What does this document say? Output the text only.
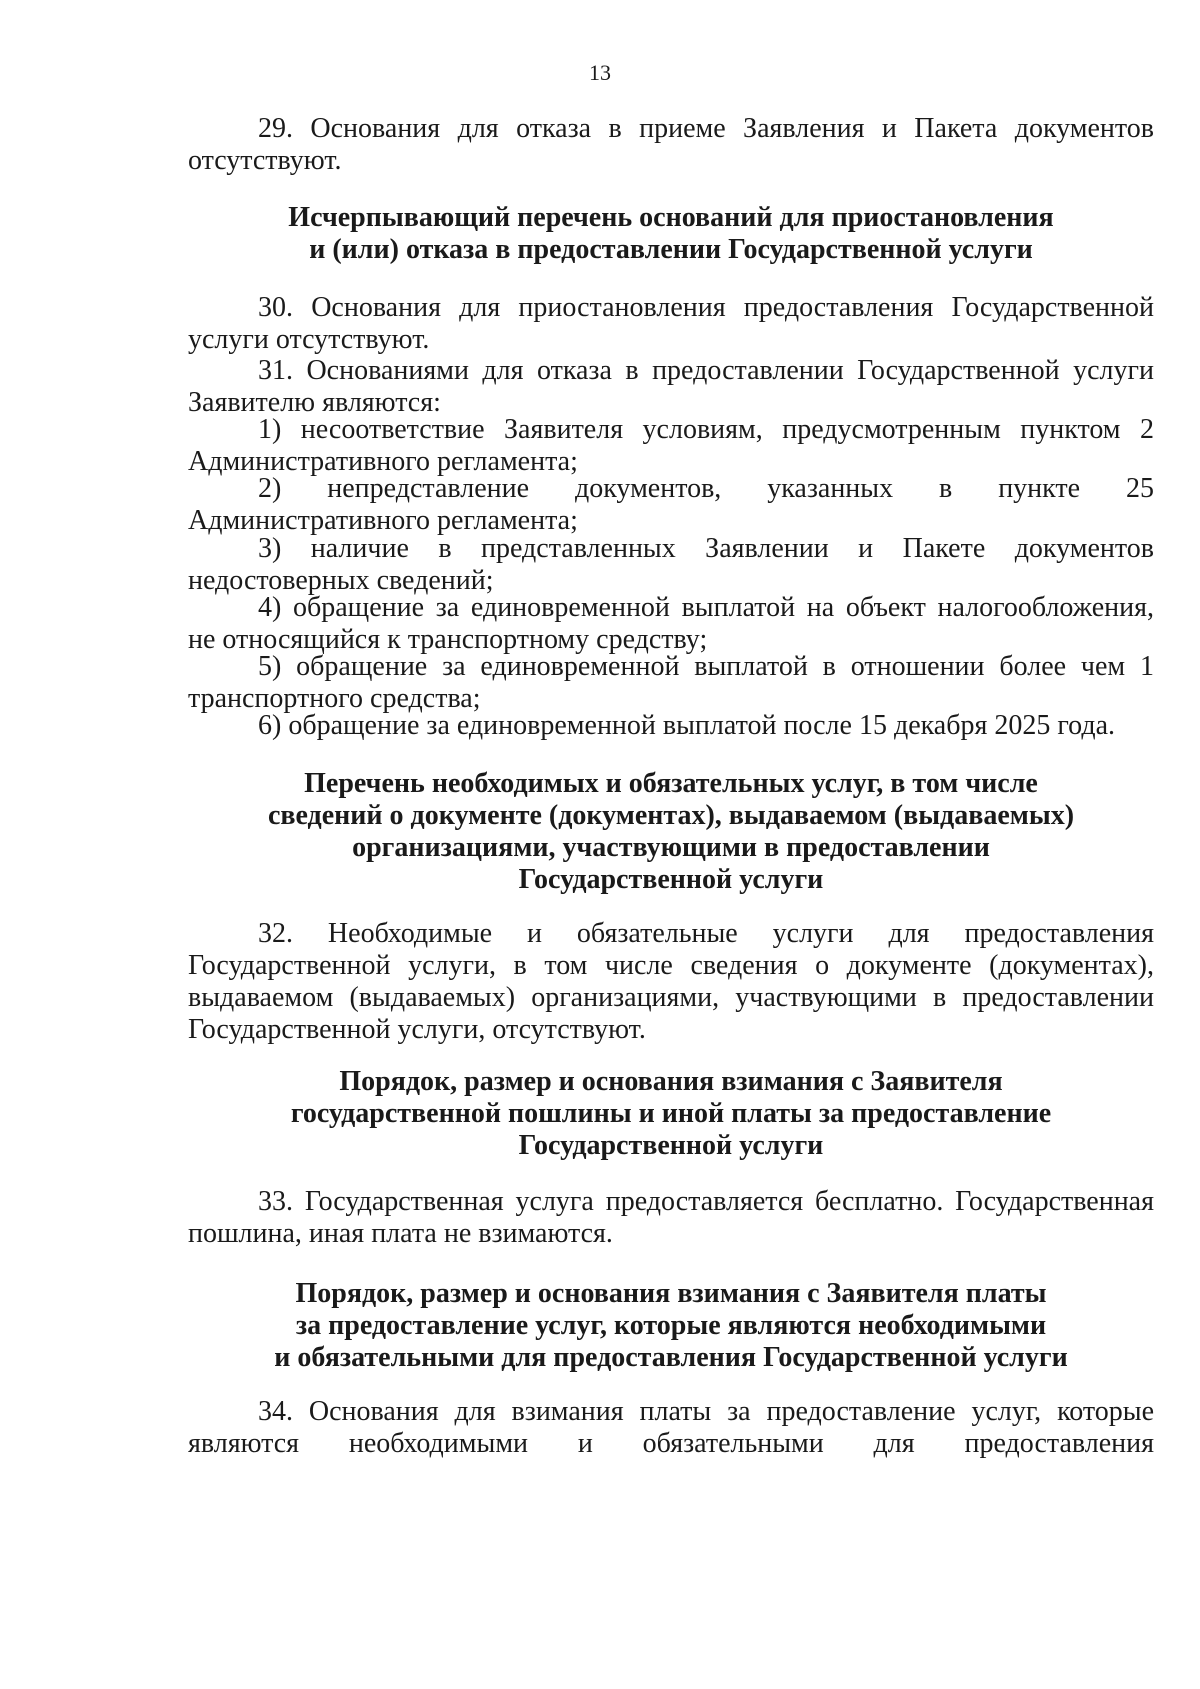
13

29. Основания для отказа в приеме Заявления и Пакета документов отсутствуют.

Исчерпывающий перечень оснований для приостановления
и (или) отказа в предоставлении Государственной услуги

30. Основания для приостановления предоставления Государственной услуги отсутствуют.

31. Основаниями для отказа в предоставлении Государственной услуги Заявителю являются:

1) несоответствие Заявителя условиям, предусмотренным пунктом 2 Административного регламента;

2) непредставление документов, указанных в пункте 25 Административного регламента;

3) наличие в представленных Заявлении и Пакете документов недостоверных сведений;

4) обращение за единовременной выплатой на объект налогообложения, не относящийся к транспортному средству;

5) обращение за единовременной выплатой в отношении более чем 1 транспортного средства;

6) обращение за единовременной выплатой после 15 декабря 2025 года.

Перечень необходимых и обязательных услуг, в том числе
сведений о документе (документах), выдаваемом (выдаваемых)
организациями, участвующими в предоставлении
Государственной услуги

32. Необходимые и обязательные услуги для предоставления Государственной услуги, в том числе сведения о документе (документах), выдаваемом (выдаваемых) организациями, участвующими в предоставлении Государственной услуги, отсутствуют.

Порядок, размер и основания взимания с Заявителя
государственной пошлины и иной платы за предоставление
Государственной услуги

33. Государственная услуга предоставляется бесплатно. Государственная пошлина, иная плата не взимаются.

Порядок, размер и основания взимания с Заявителя платы
за предоставление услуг, которые являются необходимыми
и обязательными для предоставления Государственной услуги

34. Основания для взимания платы за предоставление услуг, которые являются необходимыми и обязательными для предоставления
